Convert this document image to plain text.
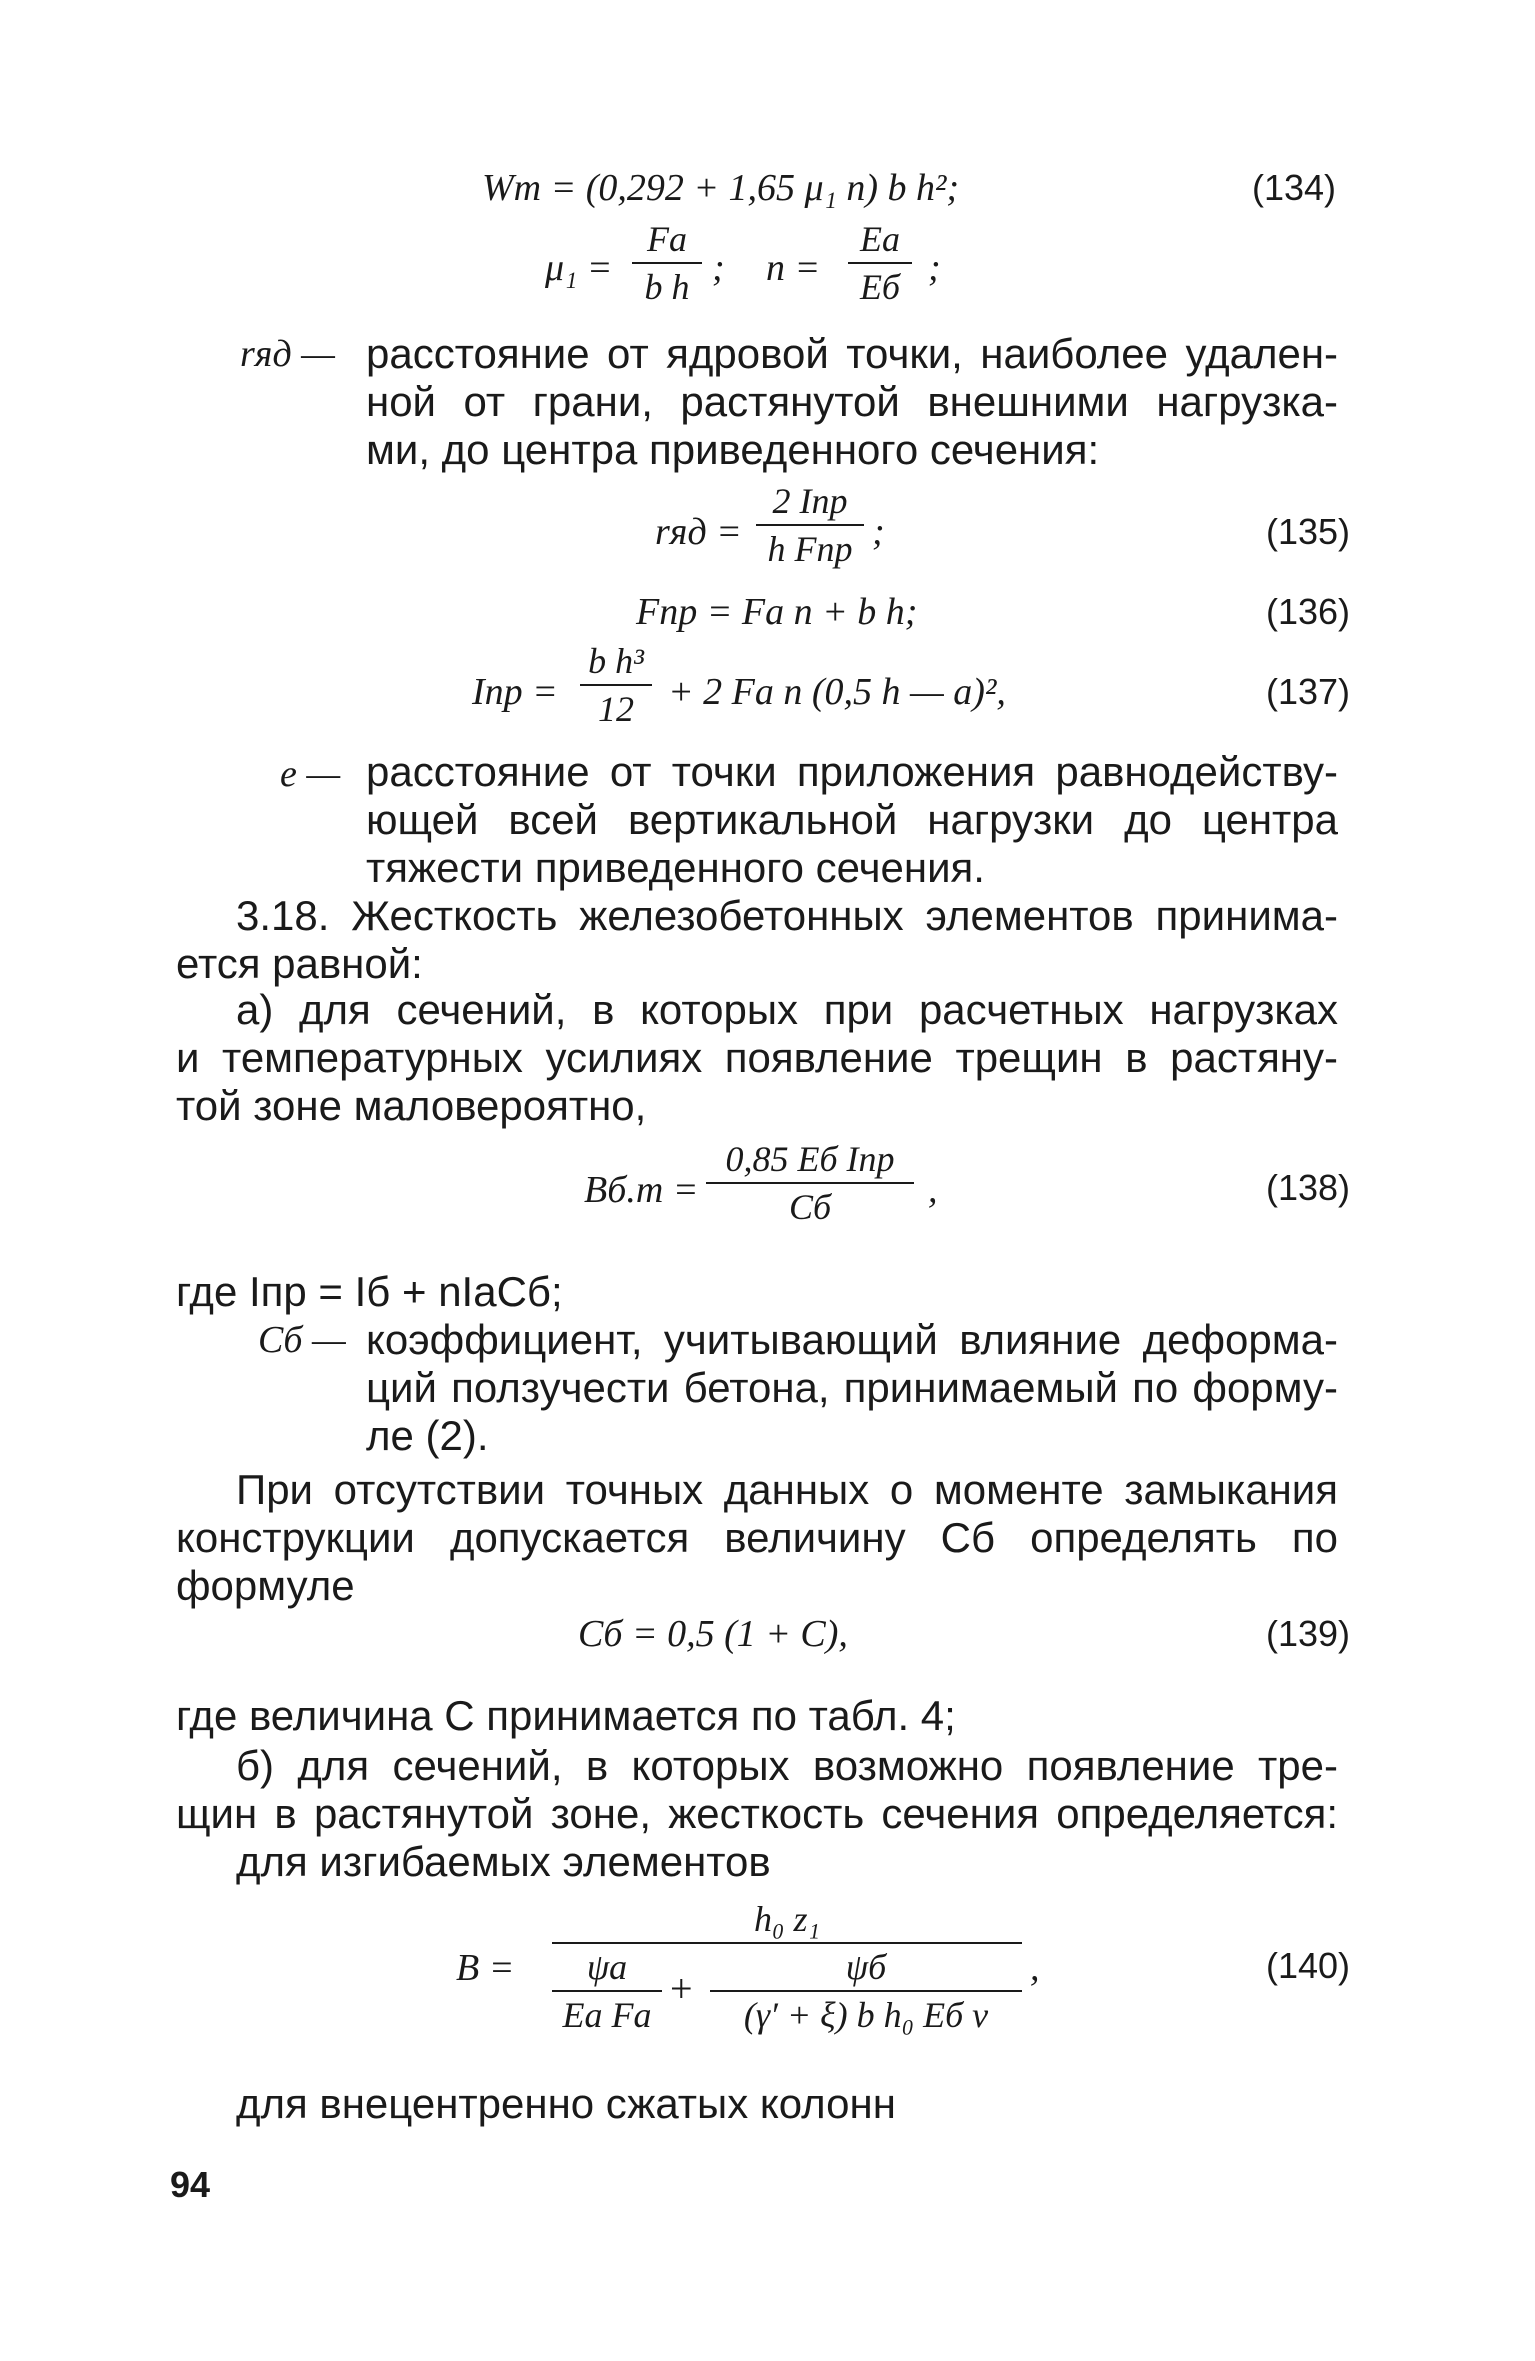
Wт = (0,292 + 1,65 μ₁ n) b h²;	(134)
μ₁ =
Fа
b h ; n =
Eа
Eб ;
rяд — расстояние от ядровой точки, наиболее удален-
ной от грани, растянутой внешними нагрузка-
ми, до центра приведенного сечения:
rяд =
2 Iпр
h Fпр ;	(135)
Fпр = Fа n + b h;	(136)
Iпр =
b h³
12 + 2 Fа n (0,5 h — a)²,	(137)
e — расстояние от точки приложения равнодейству-
ющей всей вертикальной нагрузки до центра
тяжести приведенного сечения.
3.18. Жесткость железобетонных элементов принима-
ется равной:
а) для сечений, в которых при расчетных нагрузках
и температурных усилиях появление трещин в растяну-
той зоне маловероятно,
Bб.т =
0,85 Eб Iпр
Cб	,	(138)
где Iпр = Iб + nIаCб;
Cб — коэффициент, учитывающий влияние деформа-
ций ползучести бетона, принимаемый по форму-
ле (2).
При отсутствии точных данных о моменте замыкания
конструкции допускается величину Cб определять по
формуле
Cб = 0,5 (1 + C),	(139)
где величина C принимается по табл. 4;
б) для сечений, в которых возможно появление тре-
щин в растянутой зоне, жесткость сечения определяется:
для изгибаемых элементов
B =
h₀ z₁
ψа
Eа Fа
+	ψб
(γ′ + ξ) b h₀ Eб ν
,	(140)
для внецентренно сжатых колонн
94
